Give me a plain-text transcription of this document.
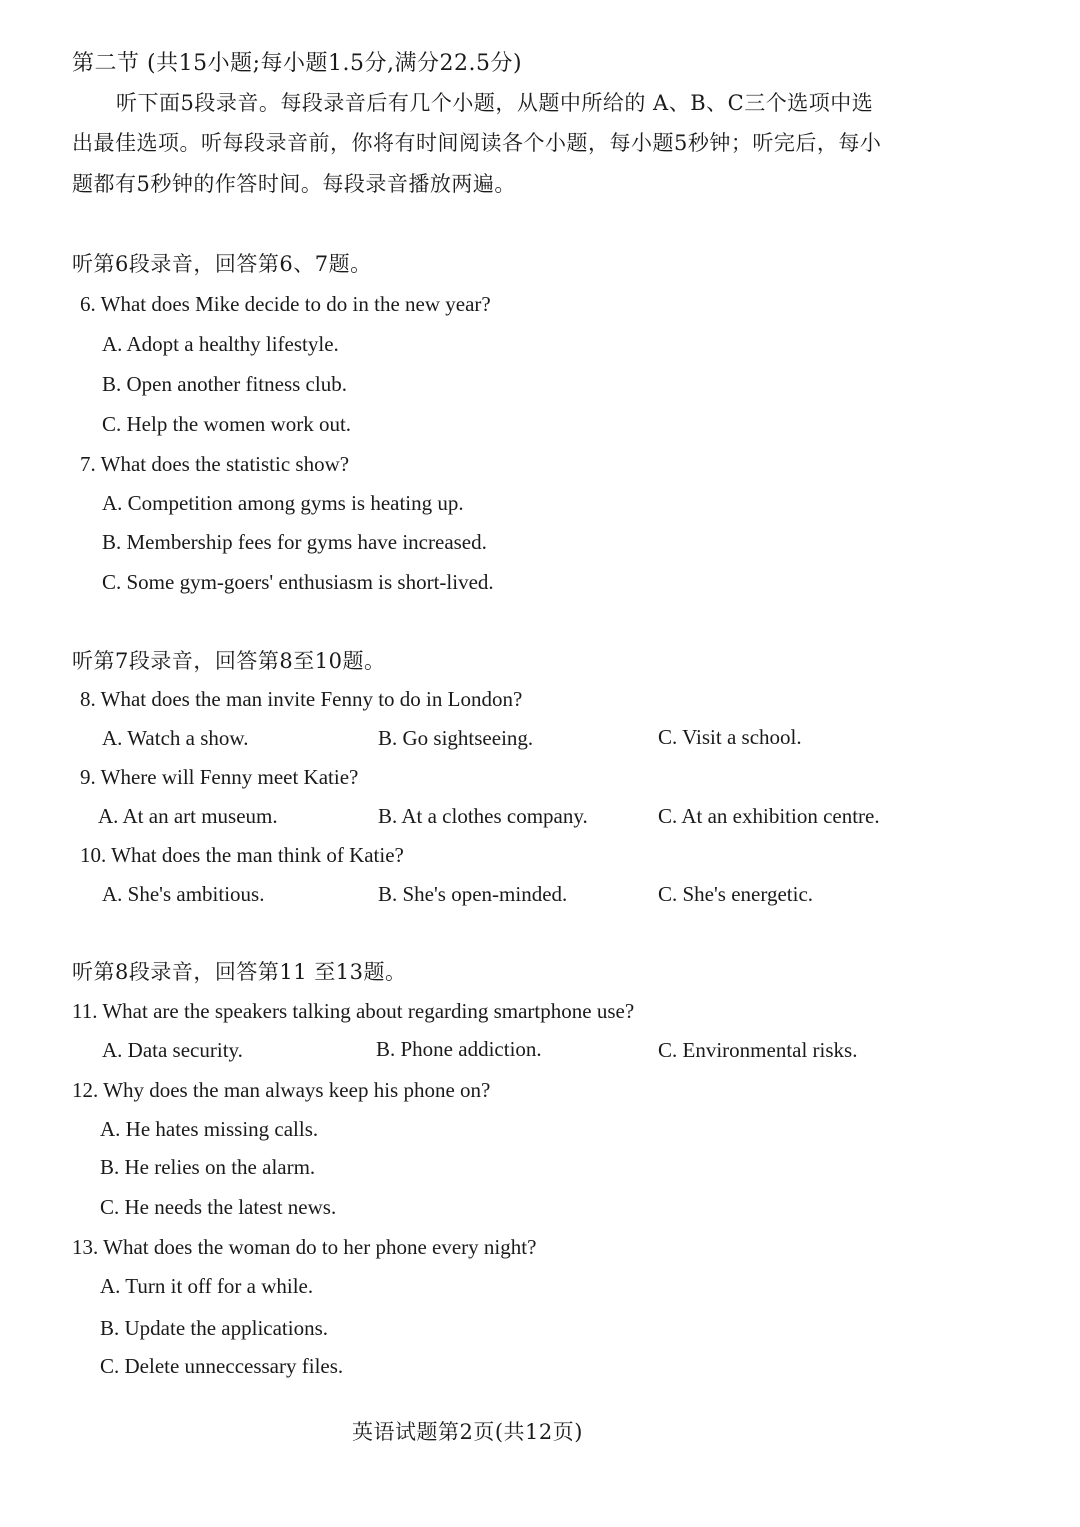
第二节 (共15小题;每小题1.5分,满分22.5分)
听下面5段录音。每段录音后有几个小题，从题中所给的 A、B、C三个选项中选
出最佳选项。听每段录音前，你将有时间阅读各个小题，每小题5秒钟；听完后，每小
题都有5秒钟的作答时间。每段录音播放两遍。
听第6段录音，回答第6、7题。
6. What does Mike decide to do in the new year?
A. Adopt a healthy lifestyle.
B. Open another fitness club.
C. Help the women work out.
7. What does the statistic show?
A. Competition among gyms is heating up.
B. Membership fees for gyms have increased.
C. Some gym-goers' enthusiasm is short-lived.
听第7段录音，回答第8至10题。
8. What does the man invite Fenny to do in London?
A. Watch a show.	B. Go sightseeing.	C. Visit a school.
9. Where will Fenny meet Katie?
A. At an art museum.	B. At a clothes company.	C. At an exhibition centre.
10. What does the man think of Katie?
A. She's ambitious.	B. She's open-minded.	C. She's energetic.
听第8段录音，回答第11 至13题。
11. What are the speakers talking about regarding smartphone use?
A. Data security.	B. Phone addiction.	C. Environmental risks.
12. Why does the man always keep his phone on?
A. He hates missing calls.
B. He relies on the alarm.
C. He needs the latest news.
13. What does the woman do to her phone every night?
A. Turn it off for a while.
B. Update the applications.
C. Delete unneccessary files.
英语试题第2页(共12页)
